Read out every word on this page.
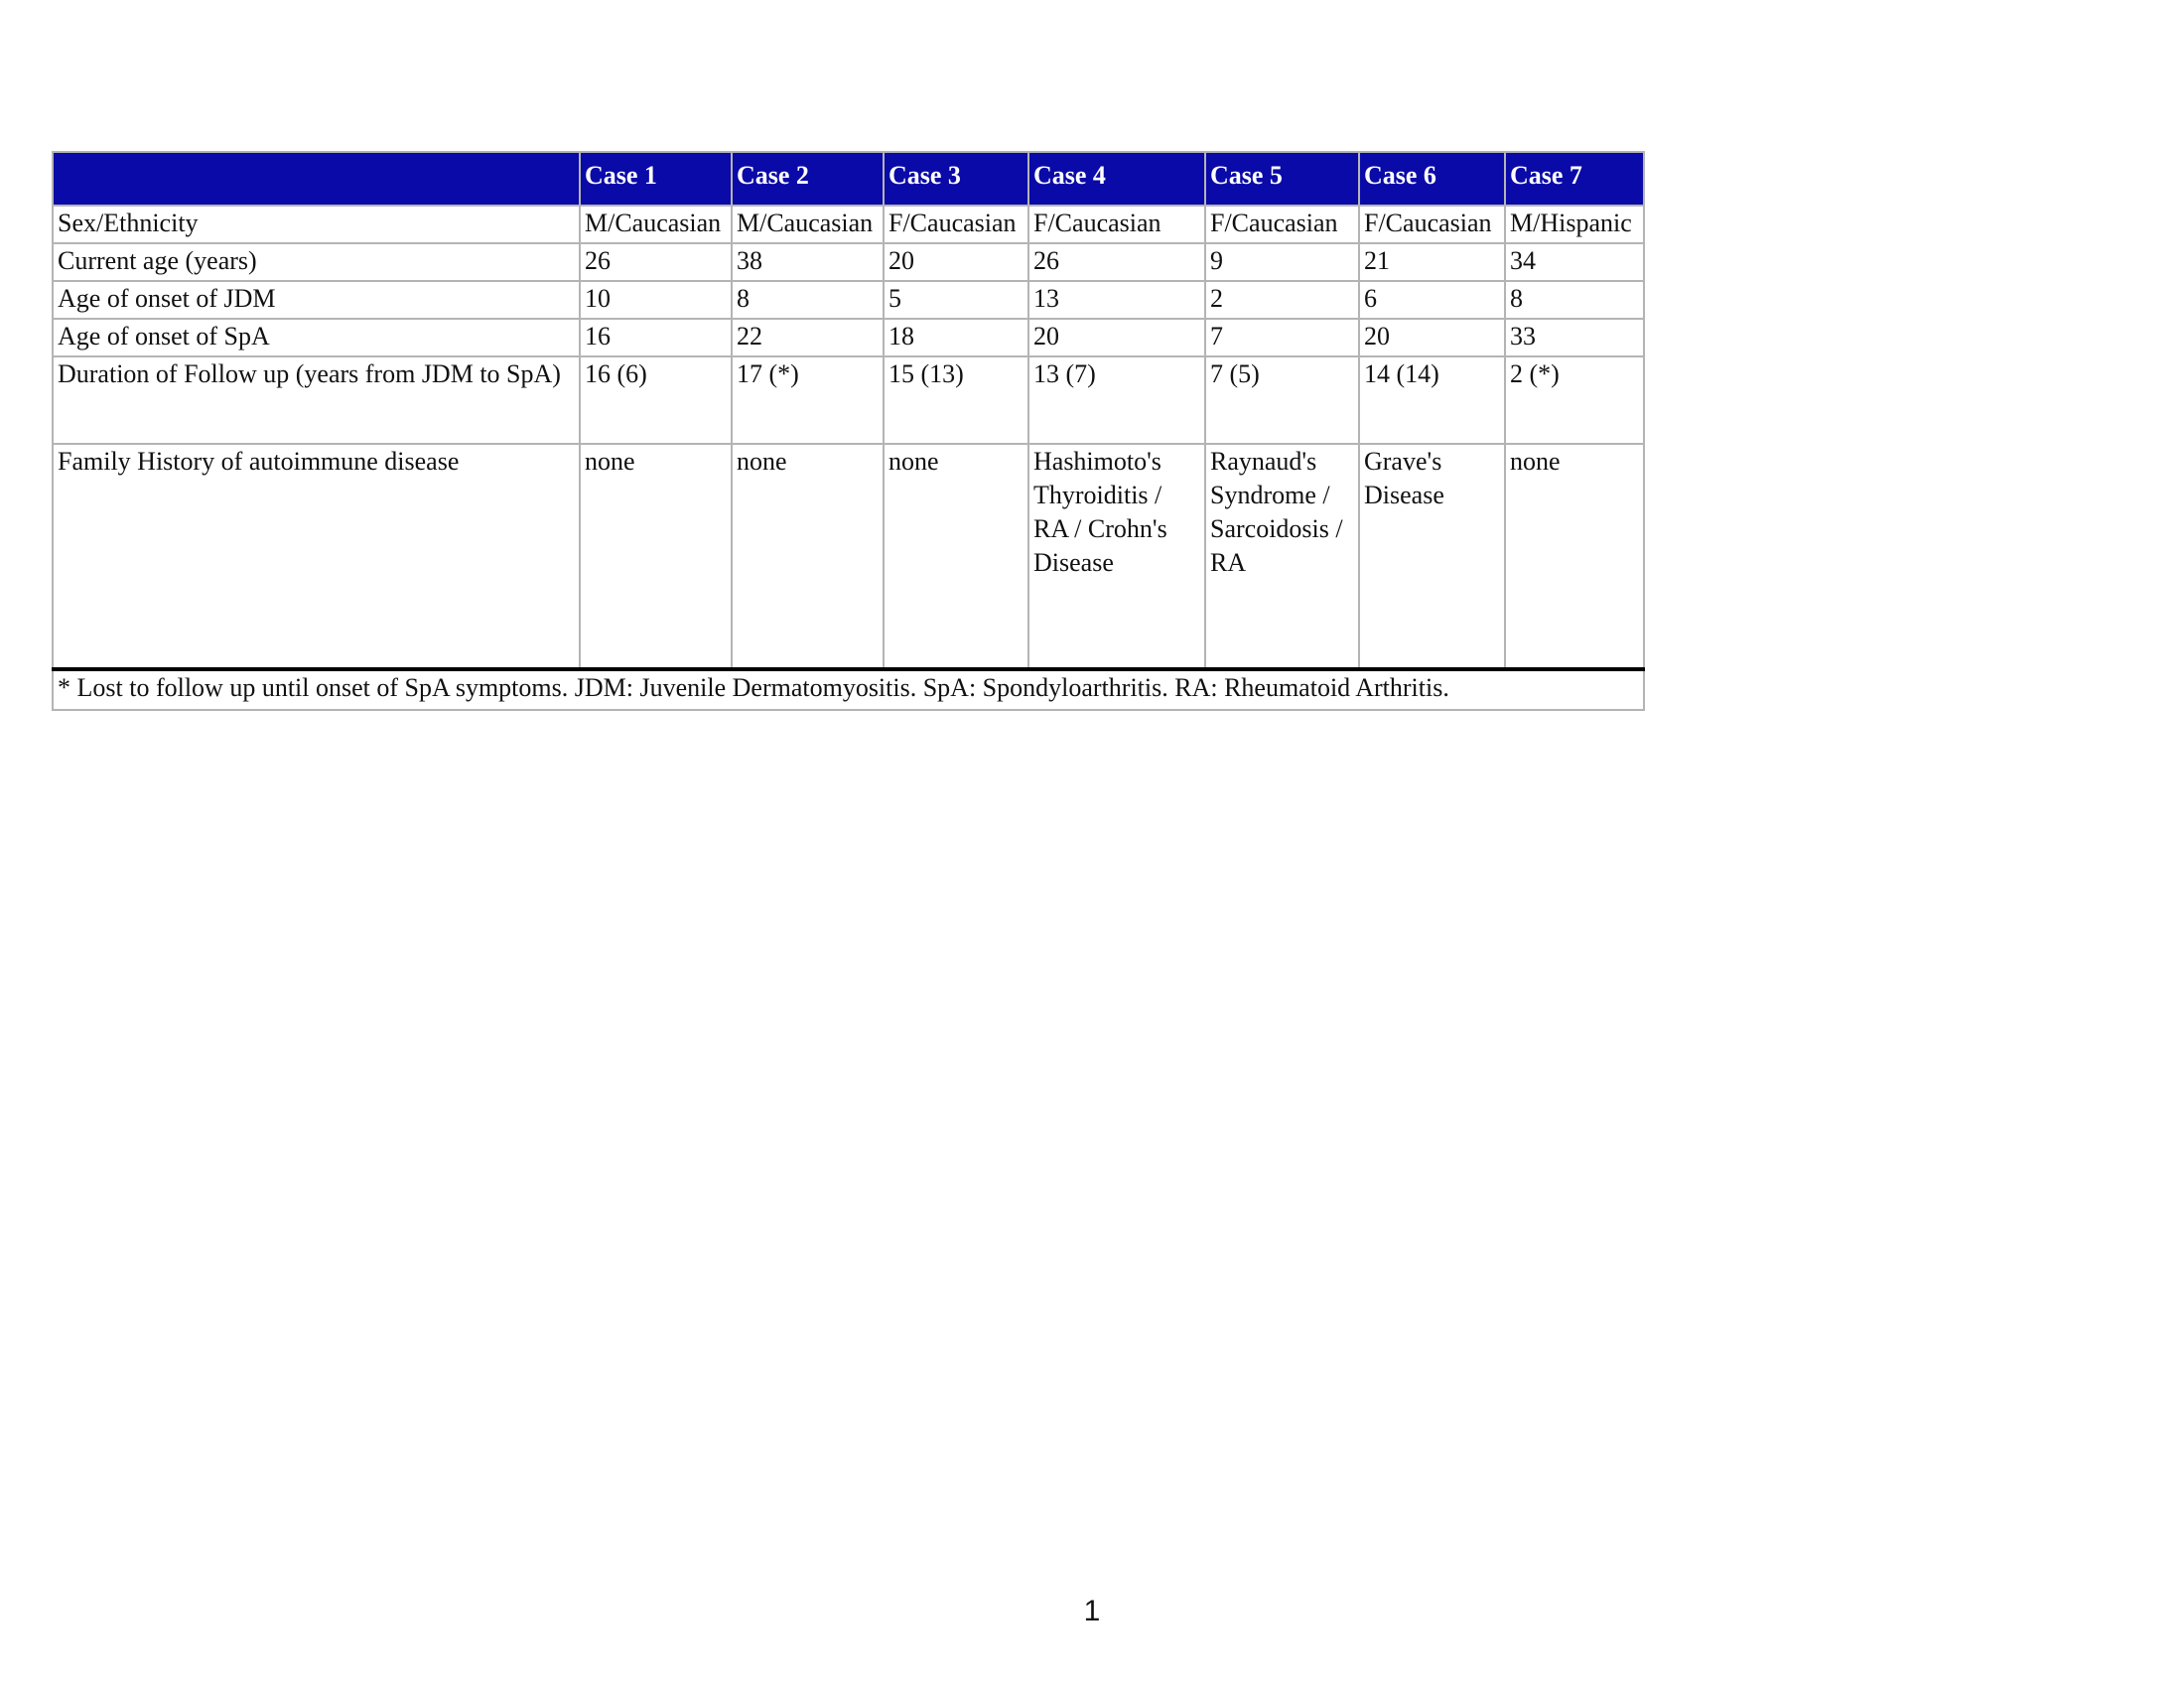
	Case 1	Case 2	Case 3	Case 4	Case 5	Case 6	Case 7
Sex/Ethnicity	M/Caucasian	M/Caucasian	F/Caucasian	F/Caucasian	F/Caucasian	F/Caucasian	M/Hispanic
Current age (years)	26	38	20	26	9	21	34
Age of onset of JDM	10	8	5	13	2	6	8
Age of onset of SpA	16	22	18	20	7	20	33
Duration of Follow up (years from JDM to SpA)	16 (6)	17 (*)	15 (13)	13 (7)	7 (5)	14 (14)	2 (*)
Family History of autoimmune disease	none	none	none	Hashimoto's Thyroiditis / RA / Crohn's Disease	Raynaud's Syndrome / Sarcoidosis / RA	Grave's Disease	none
* Lost to follow up until onset of SpA symptoms. JDM: Juvenile Dermatomyositis. SpA: Spondyloarthritis. RA: Rheumatoid Arthritis.							
1
